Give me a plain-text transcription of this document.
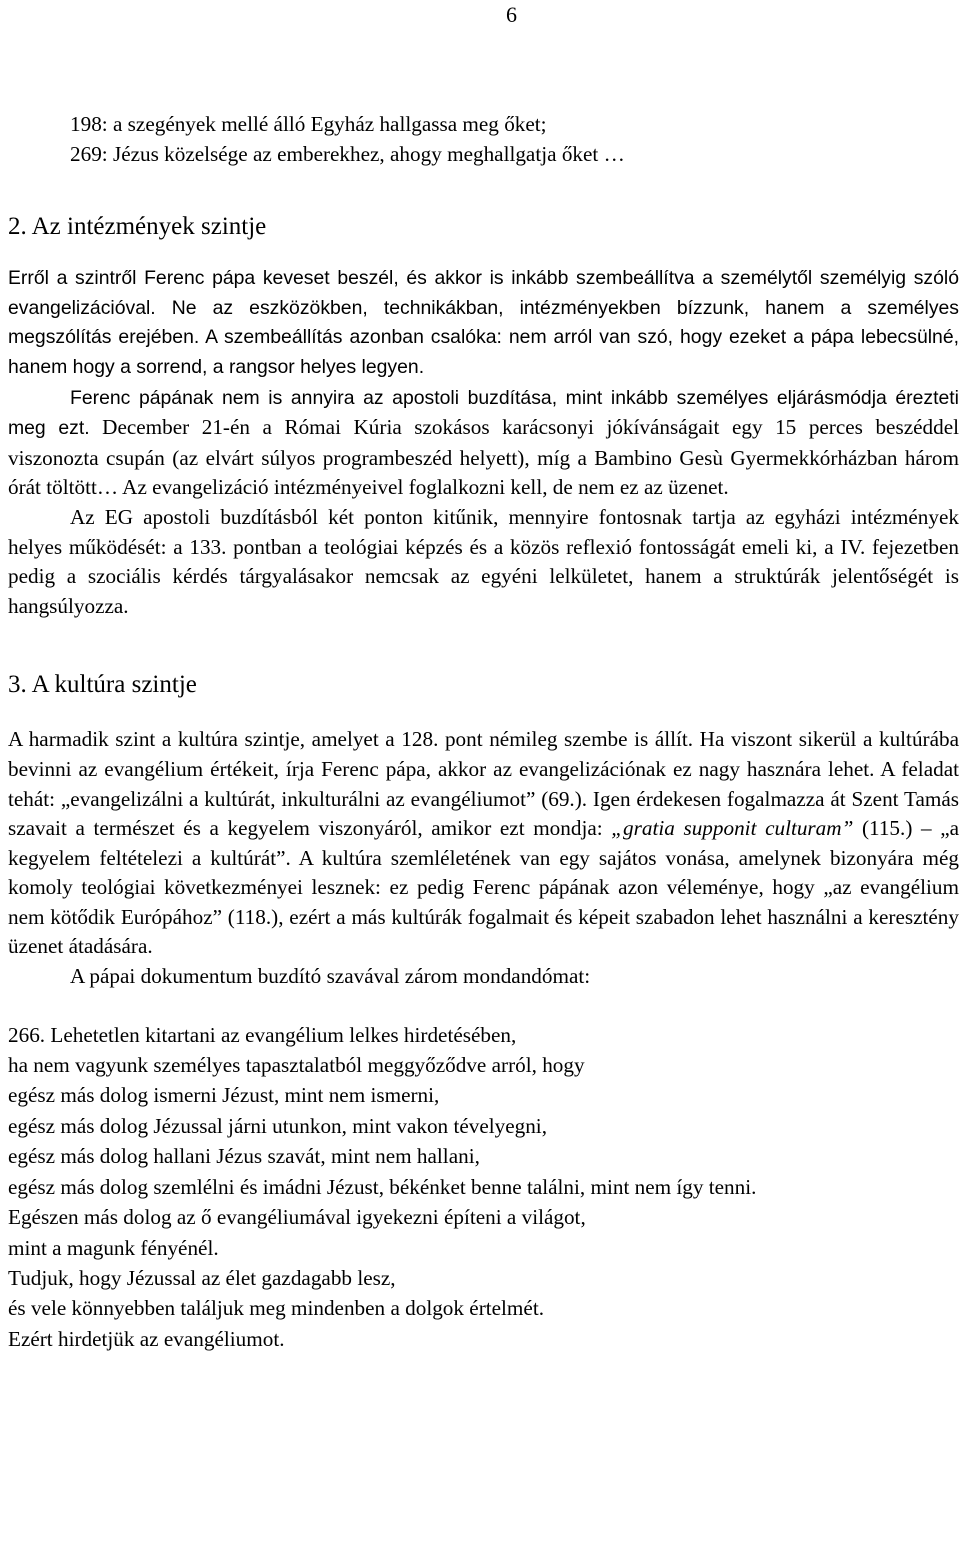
6
198: a szegények mellé álló Egyház hallgassa meg őket;
269: Jézus közelsége az emberekhez, ahogy meghallgatja őket …
2. Az intézmények szintje

Erről a szintről Ferenc pápa keveset beszél, és akkor is inkább szembeállítva a személytől személyig szóló evangelizációval. Ne az eszközökben, technikákban, intézményekben bízzunk, hanem a személyes megszólítás erejében. A szembeállítás azonban csalóka: nem arról van szó, hogy ezeket a pápa lebecsülné, hanem hogy a sorrend, a rangsor helyes legyen.

Ferenc pápának nem is annyira az apostoli buzdítása, mint inkább személyes eljárásmódja érezteti meg ezt. December 21-én a Római Kúria szokásos karácsonyi jókívánságait egy 15 perces beszéddel viszonozta csupán (az elvárt súlyos programbeszéd helyett), míg a Bambino Gesù Gyermekkórházban három órát töltött… Az evangelizáció intézményeivel foglalkozni kell, de nem ez az üzenet.

Az EG apostoli buzdításból két ponton kitűnik, mennyire fontosnak tartja az egyházi intézmények helyes működését: a 133. pontban a teológiai képzés és a közös reflexió fontosságát emeli ki, a IV. fejezetben pedig a szociális kérdés tárgyalásakor nemcsak az egyéni lelkületet, hanem a struktúrák jelentőségét is hangsúlyozza.

3. A kultúra szintje

A harmadik szint a kultúra szintje, amelyet a 128. pont némileg szembe is állít. Ha viszont sikerül a kultúrába bevinni az evangélium értékeit, írja Ferenc pápa, akkor az evangelizációnak ez nagy hasznára lehet. A feladat tehát: „evangelizálni a kultúrát, inkulturálni az evangéliumot” (69.). Igen érdekesen fogalmazza át Szent Tamás szavait a természet és a kegyelem viszonyáról, amikor ezt mondja: „gratia supponit culturam” (115.) – „a kegyelem feltételezi a kultúrát”. A kultúra szemléletének van egy sajátos vonása, amelynek bizonyára még komoly teológiai következményei lesznek: ez pedig Ferenc pápának azon véleménye, hogy „az evangélium nem kötődik Európához” (118.), ezért a más kultúrák fogalmait és képeit szabadon lehet használni a keresztény üzenet átadására.

A pápai dokumentum buzdító szavával zárom mondandómat:

266. Lehetetlen kitartani az evangélium lelkes hirdetésében,
ha nem vagyunk személyes tapasztalatból meggyőződve arról, hogy
egész más dolog ismerni Jézust, mint nem ismerni,
egész más dolog Jézussal járni utunkon, mint vakon tévelyegni,
egész más dolog hallani Jézus szavát, mint nem hallani,
egész más dolog szemlélni és imádni Jézust, békénket benne találni, mint nem így tenni.
Egészen más dolog az ő evangéliumával igyekezni építeni a világot,
mint a magunk fényénél.
Tudjuk, hogy Jézussal az élet gazdagabb lesz,
és vele könnyebben találjuk meg mindenben a dolgok értelmét.
Ezért hirdetjük az evangéliumot.
